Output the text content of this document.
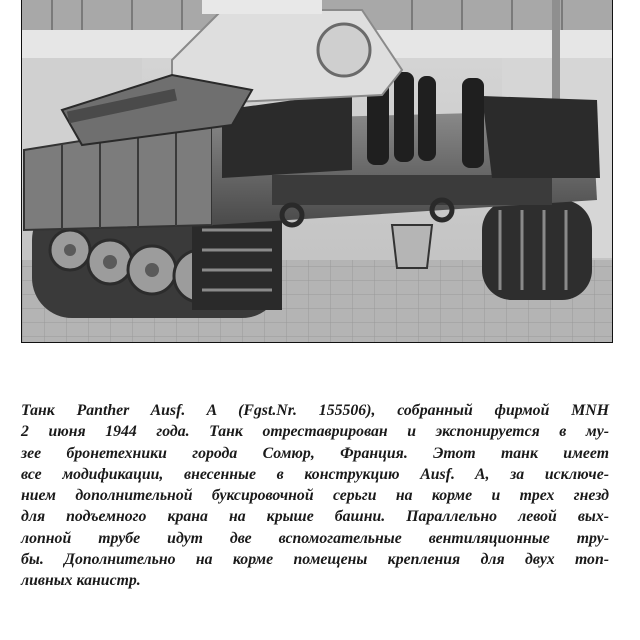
Танк Panther Ausf. A (Fgst.Nr. 155506), собранный фирмой MNH
2 июня 1944 года. Танк отреставрирован и экспонируется в му-
зее бронетехники города Сомюр, Франция. Этот танк имеет
все модификации, внесенные в конструкцию Ausf. A, за исключе-
нием дополнительной буксировочной серьги на корме и трех гнезд
для подъемного крана на крыше башни. Параллельно левой вых-
лопной трубе идут две вспомогательные вентиляционные тру-
бы. Дополнительно на корме помещены крепления для двух топ-
ливных канистр.
